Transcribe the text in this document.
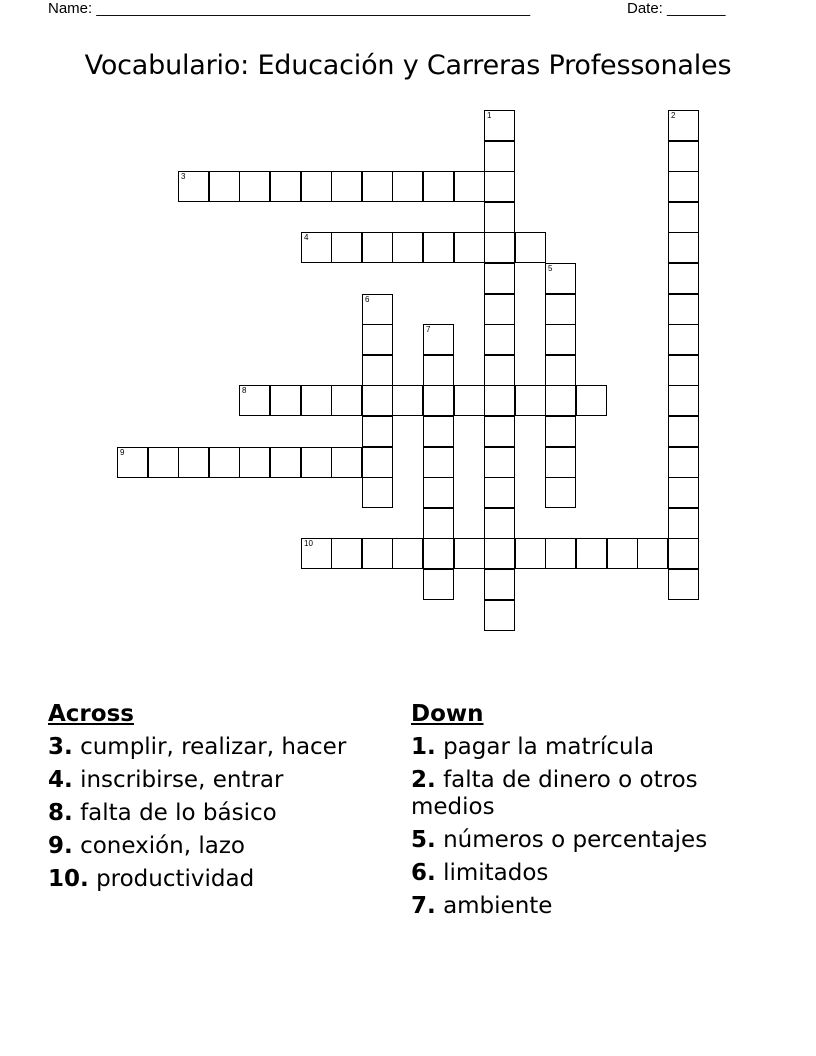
Name: ____________________________________________________	Date: _______
Vocabulario: Educación y Carreras Professonales
1	2
3
4
5
6
7
8
9
10
Across
3. cumplir, realizar, hacer
4. inscribirse, entrar
8. falta de lo básico
9. conexión, lazo
10. productividad
Down
1. pagar la matrícula
2. falta de dinero o otros medios
5. números o percentajes
6. limitados
7. ambiente
